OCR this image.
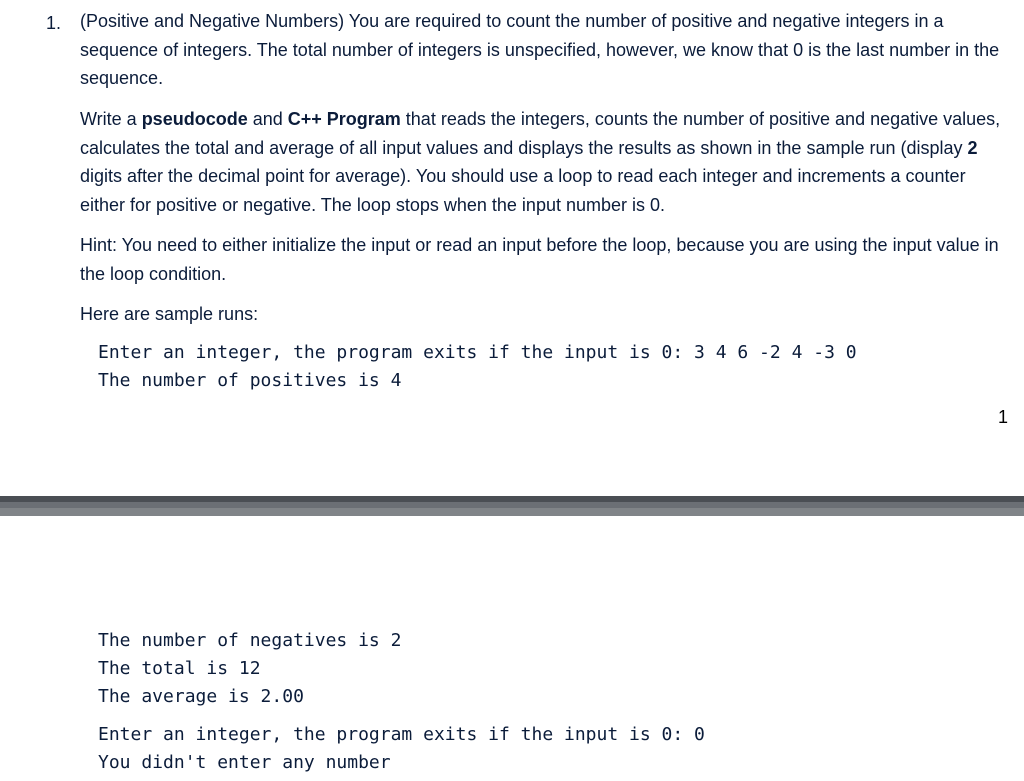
1. (Positive and Negative Numbers) You are required to count the number of positive and negative integers in a sequence of integers. The total number of integers is unspecified, however, we know that 0 is the last number in the sequence.

Write a pseudocode and C++ Program that reads the integers, counts the number of positive and negative values, calculates the total and average of all input values and displays the results as shown in the sample run (display 2 digits after the decimal point for average). You should use a loop to read each integer and increments a counter either for positive or negative. The loop stops when the input number is 0.

Hint: You need to either initialize the input or read an input before the loop, because you are using the input value in the loop condition.

Here are sample runs:

Enter an integer, the program exits if the input is 0: 3 4 6 -2 4 -3 0
The number of positives is 4
1
The number of negatives is 2
The total is 12
The average is 2.00
Enter an integer, the program exits if the input is 0: 0
You didn't enter any number
